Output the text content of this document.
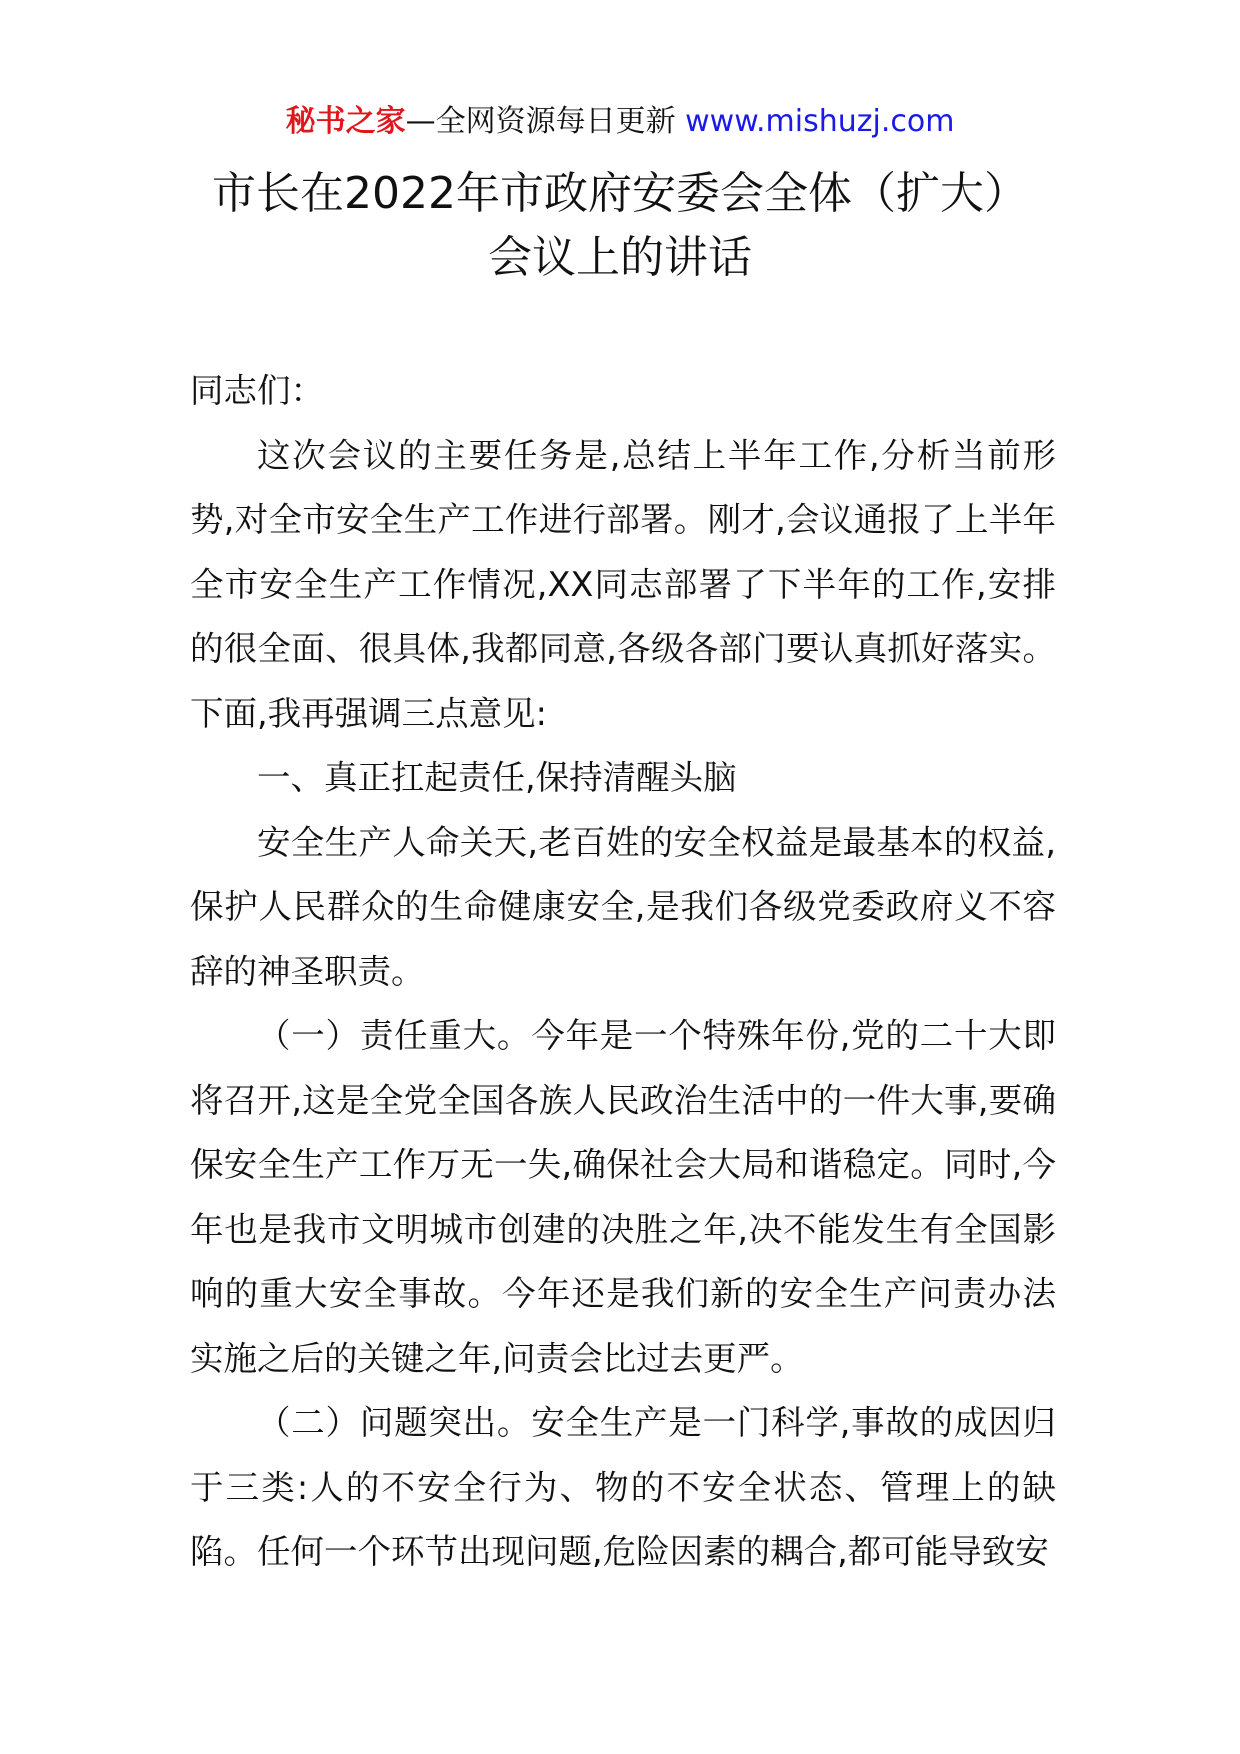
秘书之家—全网资源每日更新 www.mishuzj.com
市长在2022年市政府安委会全体（扩大）
会议上的讲话

同志们：

这次会议的主要任务是,总结上半年工作,分析当前形势,对全市安全生产工作进行部署。刚才,会议通报了上半年全市安全生产工作情况,XX同志部署了下半年的工作,安排的很全面、很具体,我都同意,各级各部门要认真抓好落实。下面,我再强调三点意见:

一、真正扛起责任,保持清醒头脑

安全生产人命关天,老百姓的安全权益是最基本的权益,保护人民群众的生命健康安全,是我们各级党委政府义不容辞的神圣职责。

（一）责任重大。今年是一个特殊年份,党的二十大即将召开,这是全党全国各族人民政治生活中的一件大事,要确保安全生产工作万无一失,确保社会大局和谐稳定。同时,今年也是我市文明城市创建的决胜之年,决不能发生有全国影响的重大安全事故。今年还是我们新的安全生产问责办法实施之后的关键之年,问责会比过去更严。

（二）问题突出。安全生产是一门科学,事故的成因归于三类:人的不安全行为、物的不安全状态、管理上的缺陷。任何一个环节出现问题,危险因素的耦合,都可能导致安
